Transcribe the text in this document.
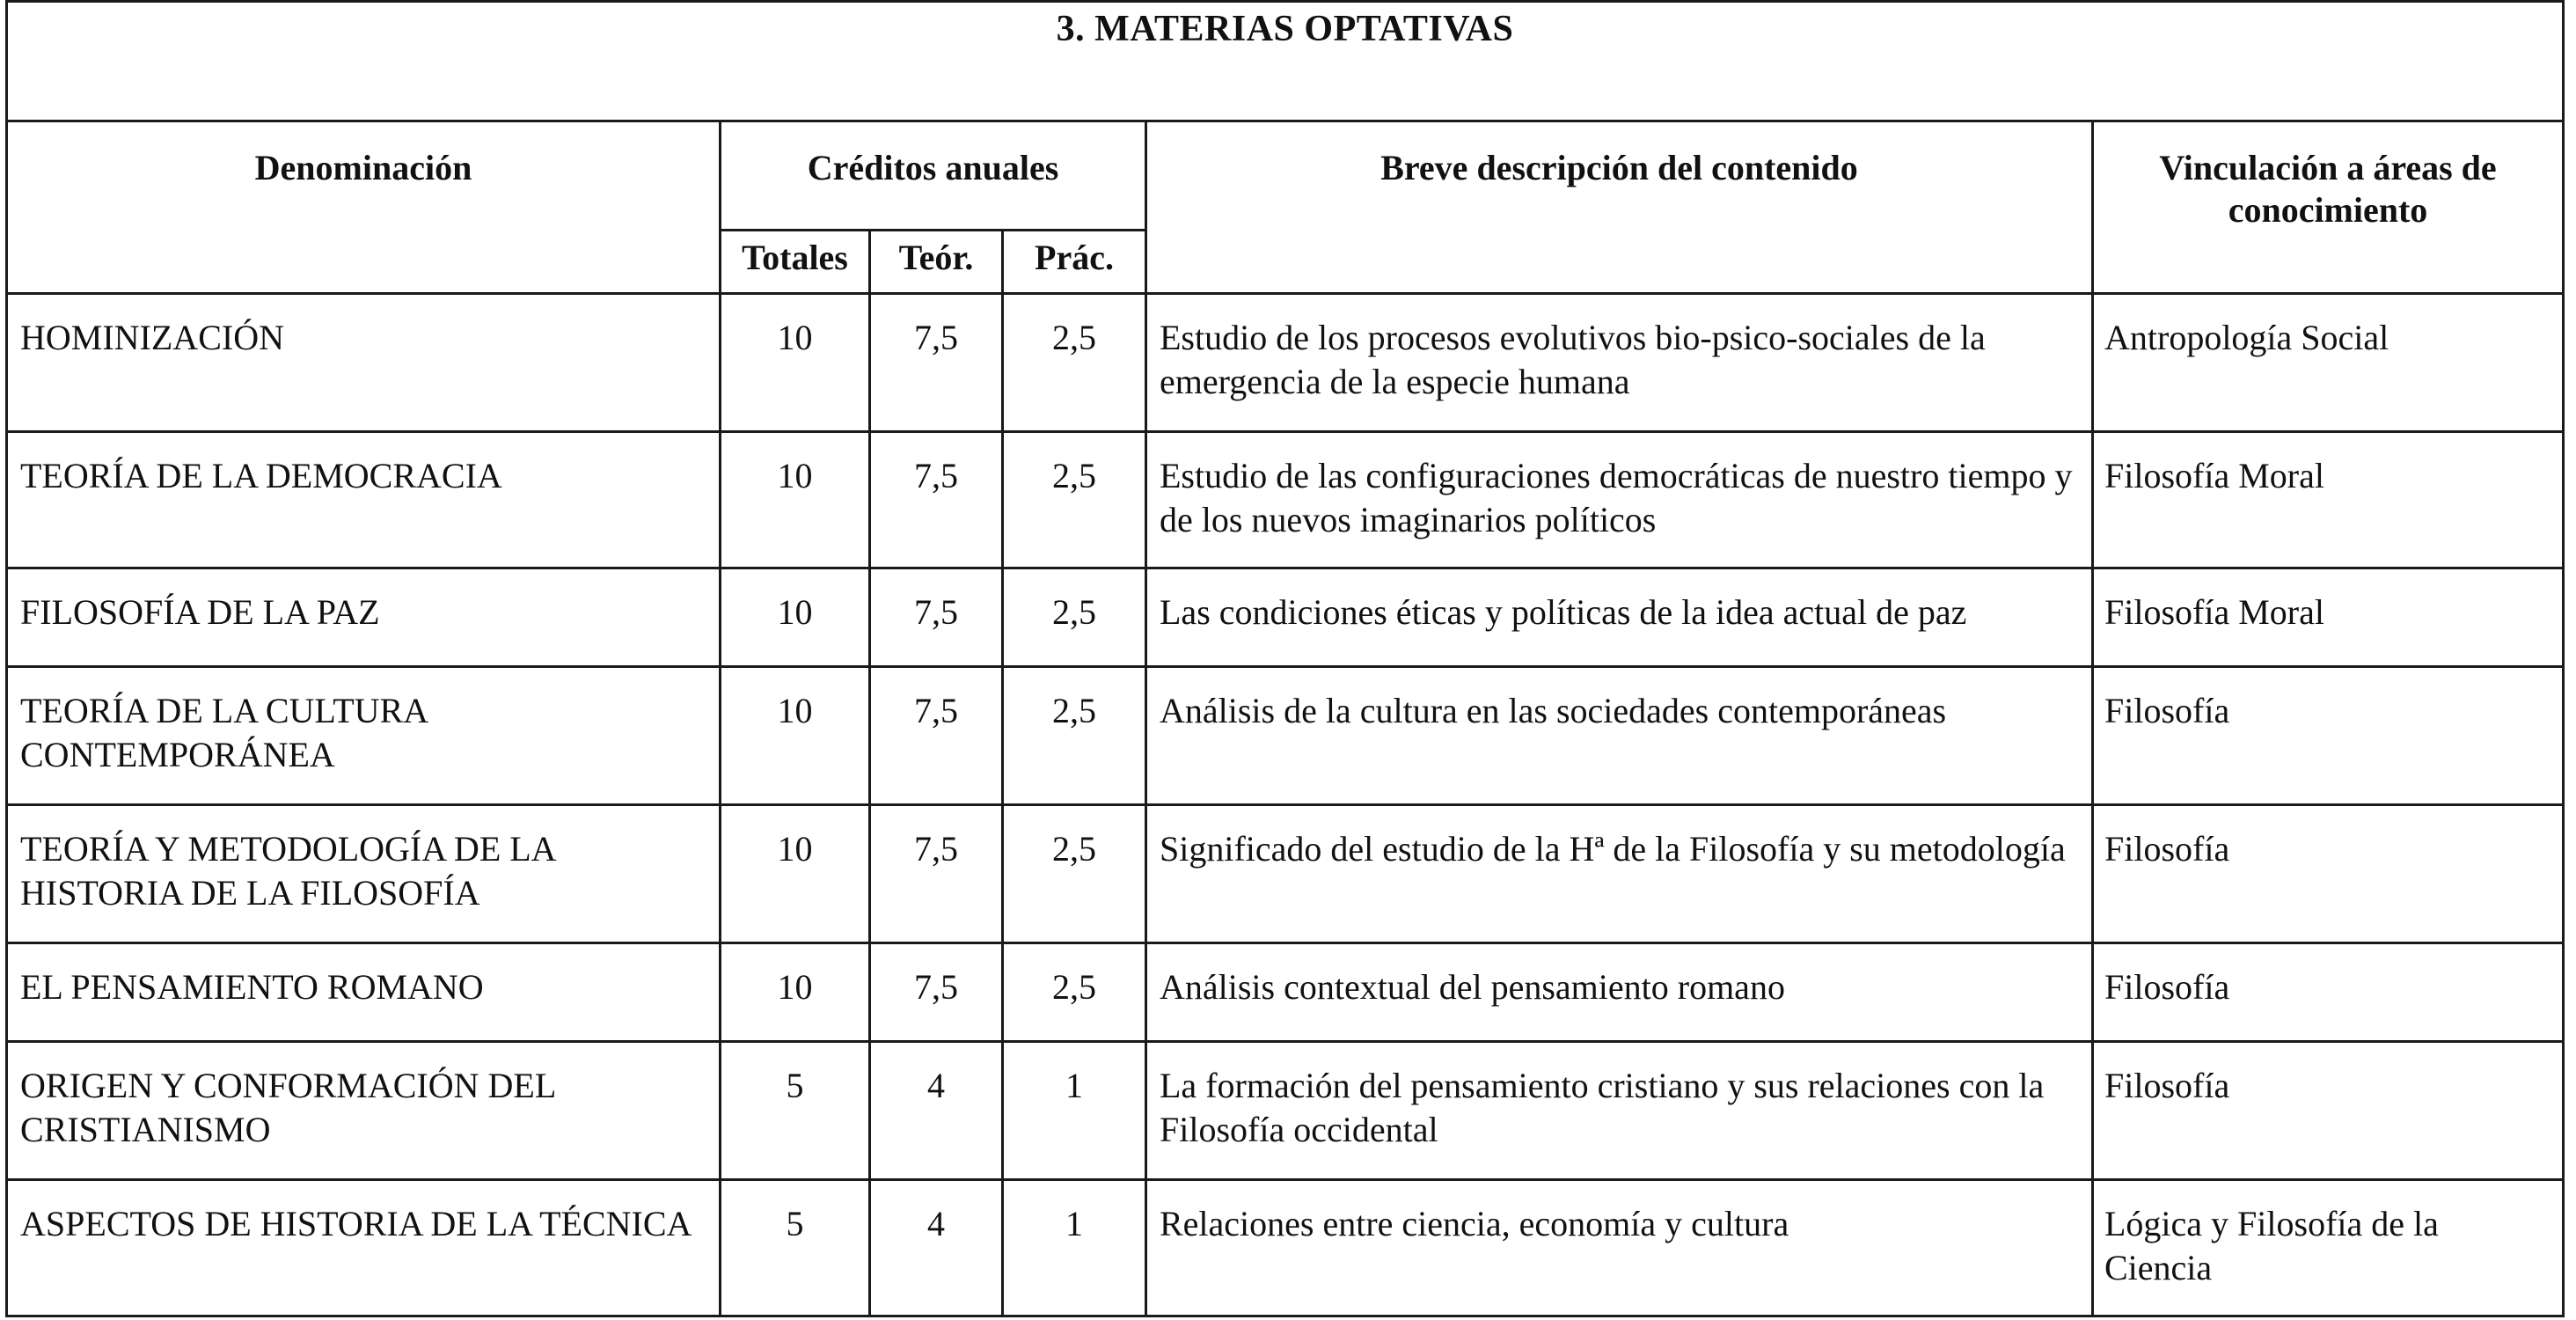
3. MATERIAS OPTATIVAS					
Denominación	Créditos anuales			Breve descripción del contenido	Vinculación a áreas de conocimiento
	Totales	Teór.	Prác.		
HOMINIZACIÓN	10	7,5	2,5	Estudio de los procesos evolutivos bio-psico-sociales de la emergencia de la especie humana	Antropología Social
TEORÍA DE LA DEMOCRACIA	10	7,5	2,5	Estudio de las configuraciones democráticas de nuestro tiempo y de los nuevos imaginarios políticos	Filosofía Moral
FILOSOFÍA DE LA PAZ	10	7,5	2,5	Las condiciones éticas y políticas de la idea actual de paz	Filosofía Moral
TEORÍA DE LA CULTURA CONTEMPORÁNEA	10	7,5	2,5	Análisis de la cultura en las sociedades contemporáneas	Filosofía
TEORÍA Y METODOLOGÍA DE LA HISTORIA DE LA FILOSOFÍA	10	7,5	2,5	Significado del estudio de la Hª de la Filosofía y su metodología	Filosofía
EL PENSAMIENTO ROMANO	10	7,5	2,5	Análisis contextual del pensamiento romano	Filosofía
ORIGEN Y CONFORMACIÓN DEL CRISTIANISMO	5	4	1	La formación del pensamiento cristiano y sus relaciones con la Filosofía occidental	Filosofía
ASPECTOS DE HISTORIA DE LA TÉCNICA	5	4	1	Relaciones entre ciencia, economía y cultura	Lógica y Filosofía de la Ciencia
